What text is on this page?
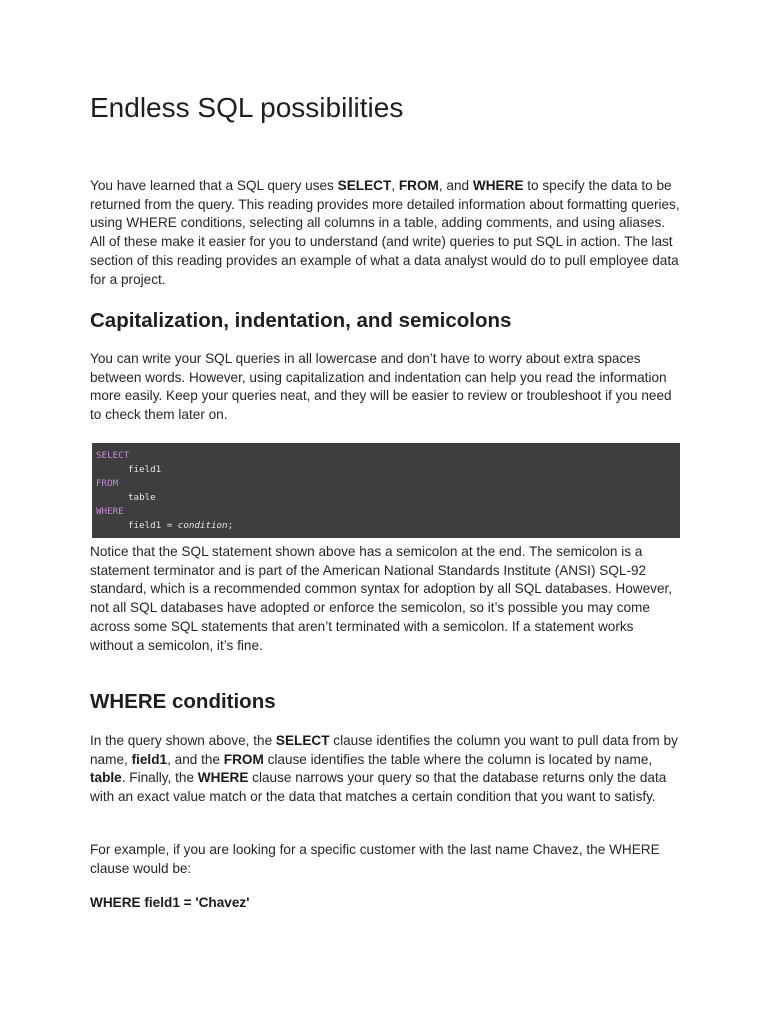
Endless SQL possibilities

You have learned that a SQL query uses SELECT, FROM, and WHERE to specify the data to be returned from the query. This reading provides more detailed information about formatting queries, using WHERE conditions, selecting all columns in a table, adding comments, and using aliases. All of these make it easier for you to understand (and write) queries to put SQL in action. The last section of this reading provides an example of what a data analyst would do to pull employee data for a project.

Capitalization, indentation, and semicolons

You can write your SQL queries in all lowercase and don’t have to worry about extra spaces between words. However, using capitalization and indentation can help you read the information more easily. Keep your queries neat, and they will be easier to review or troubleshoot if you need to check them later on.

SELECT
field1
FROM
table
WHERE
field1 = condition;

Notice that the SQL statement shown above has a semicolon at the end. The semicolon is a statement terminator and is part of the American National Standards Institute (ANSI) SQL-92 standard, which is a recommended common syntax for adoption by all SQL databases. However, not all SQL databases have adopted or enforce the semicolon, so it’s possible you may come across some SQL statements that aren’t terminated with a semicolon. If a statement works without a semicolon, it’s fine.

WHERE conditions

In the query shown above, the SELECT clause identifies the column you want to pull data from by name, field1, and the FROM clause identifies the table where the column is located by name, table. Finally, the WHERE clause narrows your query so that the database returns only the data with an exact value match or the data that matches a certain condition that you want to satisfy.

For example, if you are looking for a specific customer with the last name Chavez, the WHERE clause would be:

WHERE field1 = 'Chavez'
